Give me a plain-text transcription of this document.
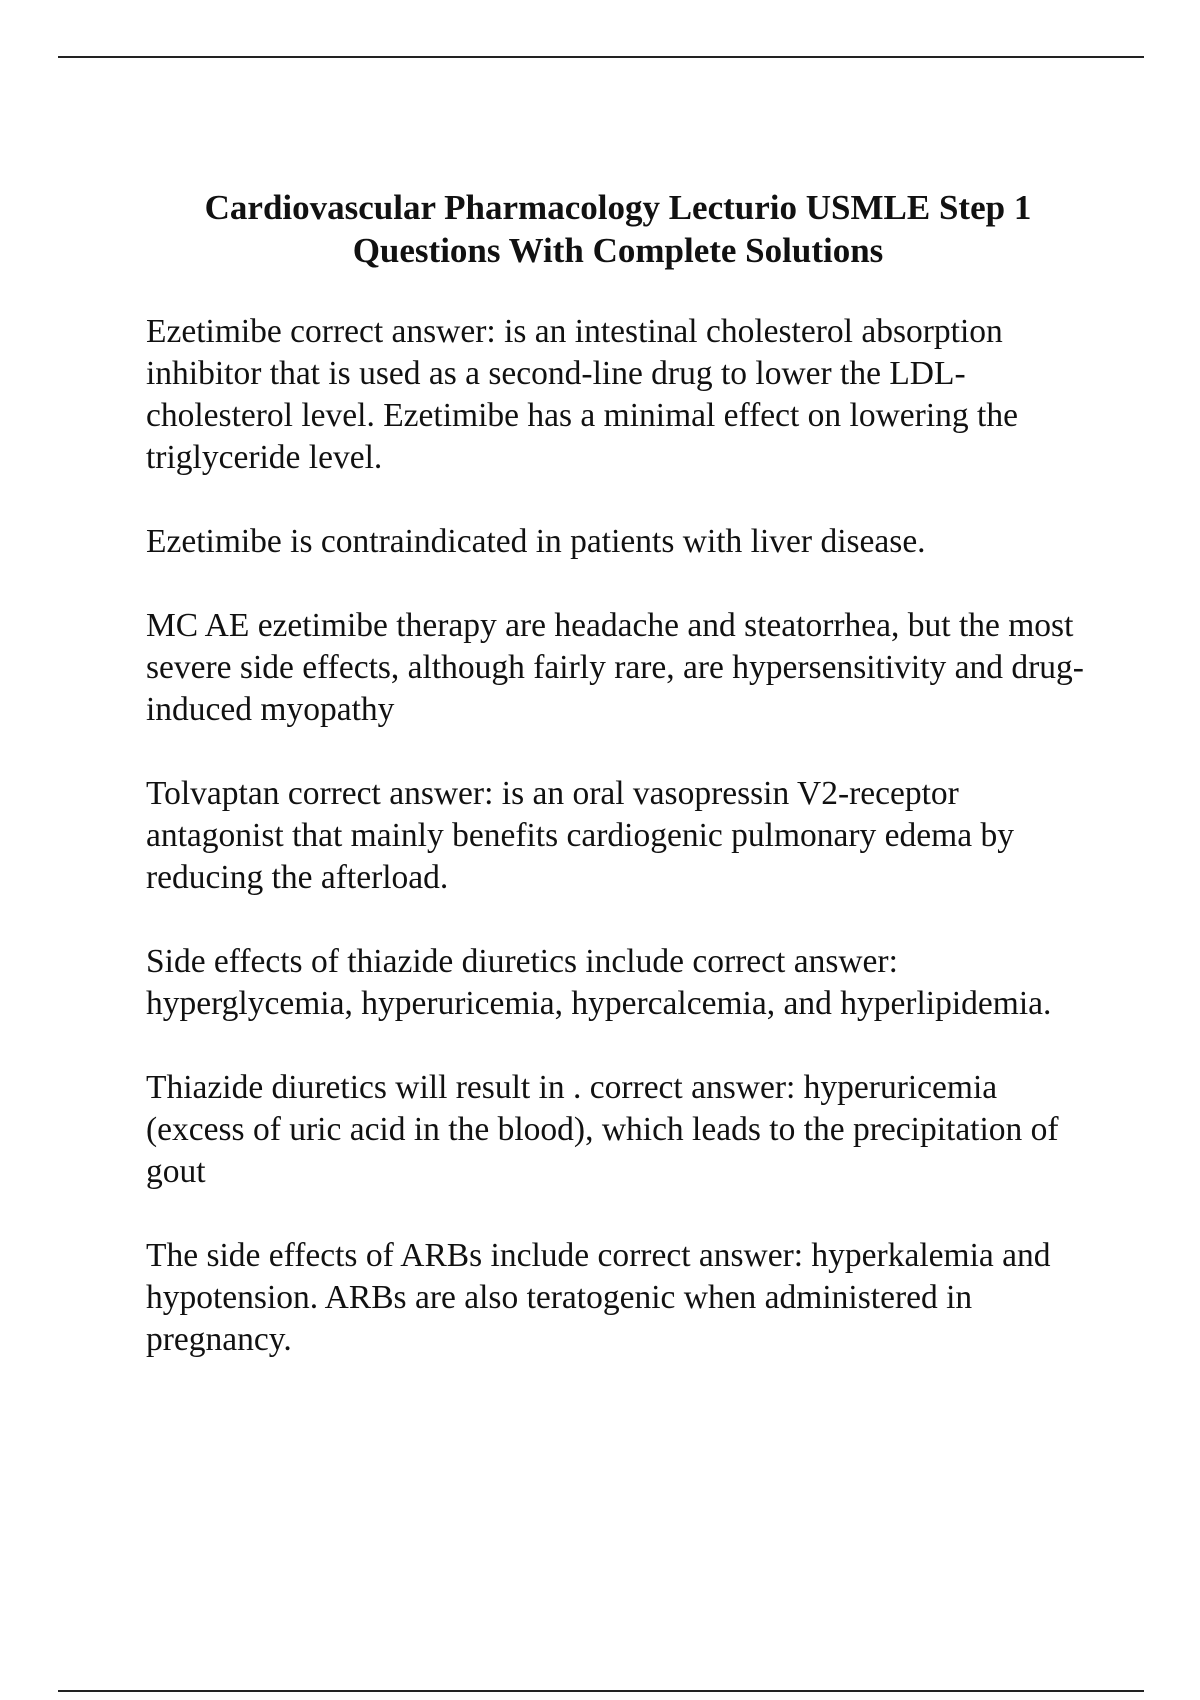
Cardiovascular Pharmacology Lecturio USMLE Step 1
Questions With Complete Solutions

Ezetimibe correct answer: is an intestinal cholesterol absorption inhibitor that is used as a second-line drug to lower the LDL-cholesterol level. Ezetimibe has a minimal effect on lowering the triglyceride level.

Ezetimibe is contraindicated in patients with liver disease.

MC AE ezetimibe therapy are headache and steatorrhea, but the most severe side effects, although fairly rare, are hypersensitivity and drug-induced myopathy

Tolvaptan correct answer: is an oral vasopressin V2-receptor antagonist that mainly benefits cardiogenic pulmonary edema by reducing the afterload.

Side effects of thiazide diuretics include correct answer: hyperglycemia, hyperuricemia, hypercalcemia, and hyperlipidemia.

Thiazide diuretics will result in . correct answer: hyperuricemia (excess of uric acid in the blood), which leads to the precipitation of gout

The side effects of ARBs include correct answer: hyperkalemia and hypotension. ARBs are also teratogenic when administered in pregnancy.
